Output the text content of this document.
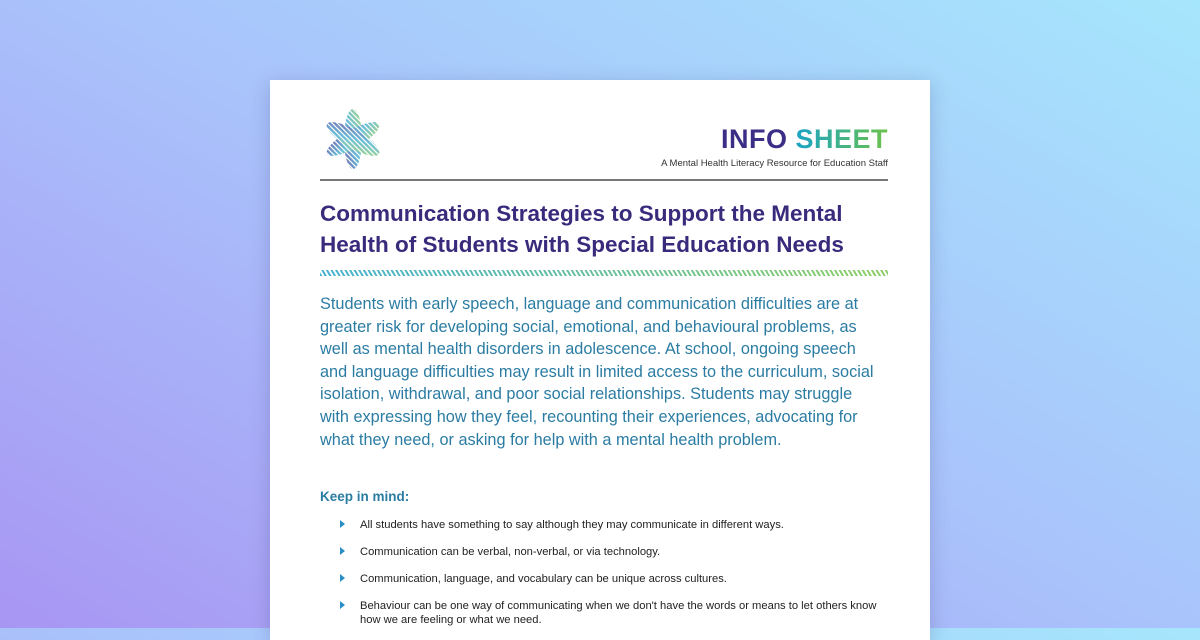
INFO SHEET
A Mental Health Literacy Resource for Education Staff
Communication Strategies to Support the Mental Health of Students with Special Education Needs

Students with early speech, language and communication difficulties are at greater risk for developing social, emotional, and behavioural problems, as well as mental health disorders in adolescence. At school, ongoing speech and language difficulties may result in limited access to the curriculum, social isolation, withdrawal, and poor social relationships. Students may struggle with expressing how they feel, recounting their experiences, advocating for what they need, or asking for help with a mental health problem.

Keep in mind:
All students have something to say although they may communicate in different ways.
Communication can be verbal, non-verbal, or via technology.
Communication, language, and vocabulary can be unique across cultures.
Behaviour can be one way of communicating when we don't have the words or means to let others know how we are feeling or what we need.
